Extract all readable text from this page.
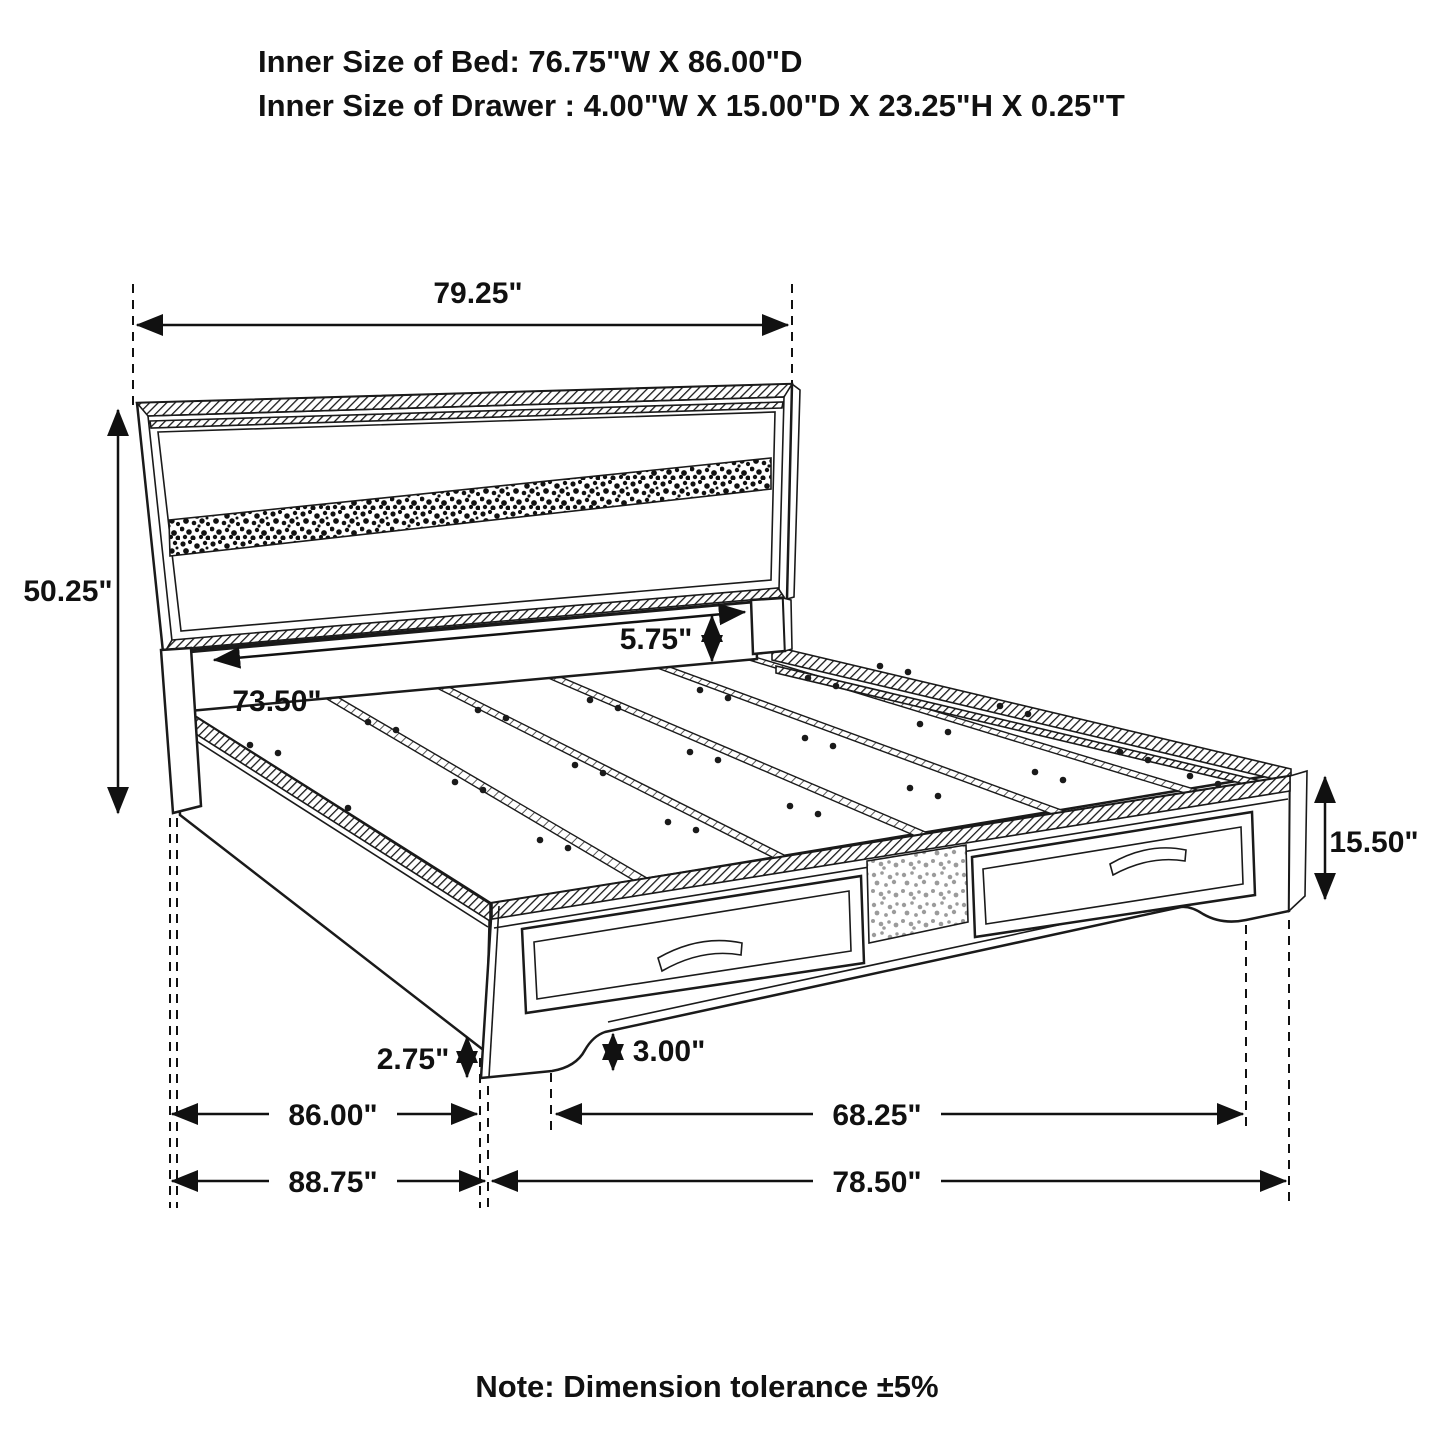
79.25"
50.25"
73.50"
5.75"
15.50"
2.75"	3.00"
86.00"	68.25"
88.75"	78.50"
Inner Size of Bed: 76.75"W X 86.00"D
Inner Size of Drawer : 4.00"W X 15.00"D X 23.25"H X 0.25"T
Note: Dimension tolerance ±5%
